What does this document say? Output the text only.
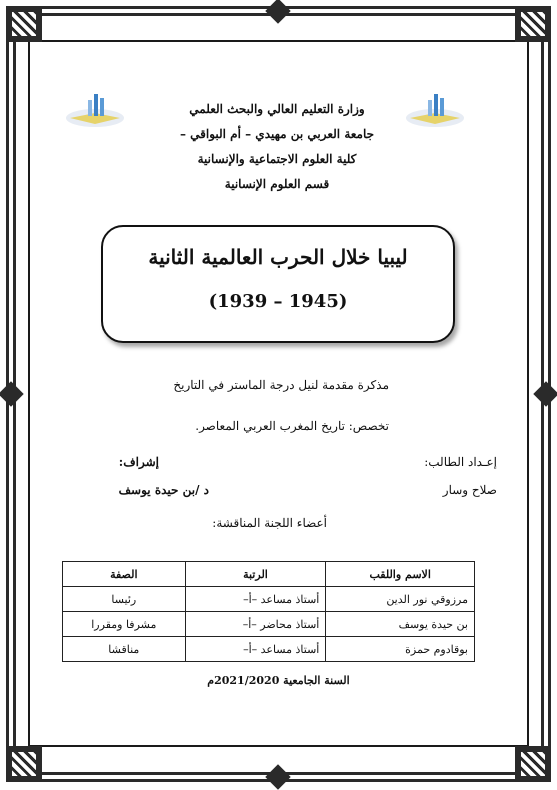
وزارة التعليم العالي والبحث العلمي
جامعة العربي بن مهيدي – أم البواقي –
كلية العلوم الاجتماعية والإنسانية
قسم العلوم الإنسانية
ليبيا خلال الحرب العالمية الثانية
(1939 – 1945)
مذكرة مقدمة لنيل درجة الماستر في التاريخ
تخصص: تاريخ المغرب العربي المعاصر.
إعـداد الطالب:
صلاح وسار
إشراف:
د /بن حيدة يوسف
أعضاء اللجنة المناقشة:
الاسم واللقب	الرتبة	الصفة
مرزوقي نور الدين	أستاذ مساعد –أ–	رئيسا
بن حيدة يوسف	أستاذ محاضر –أ–	مشرفا ومقررا
بوقادوم حمزة	أستاذ مساعد –أ–	مناقشا
السنة الجامعية 2021/2020م
